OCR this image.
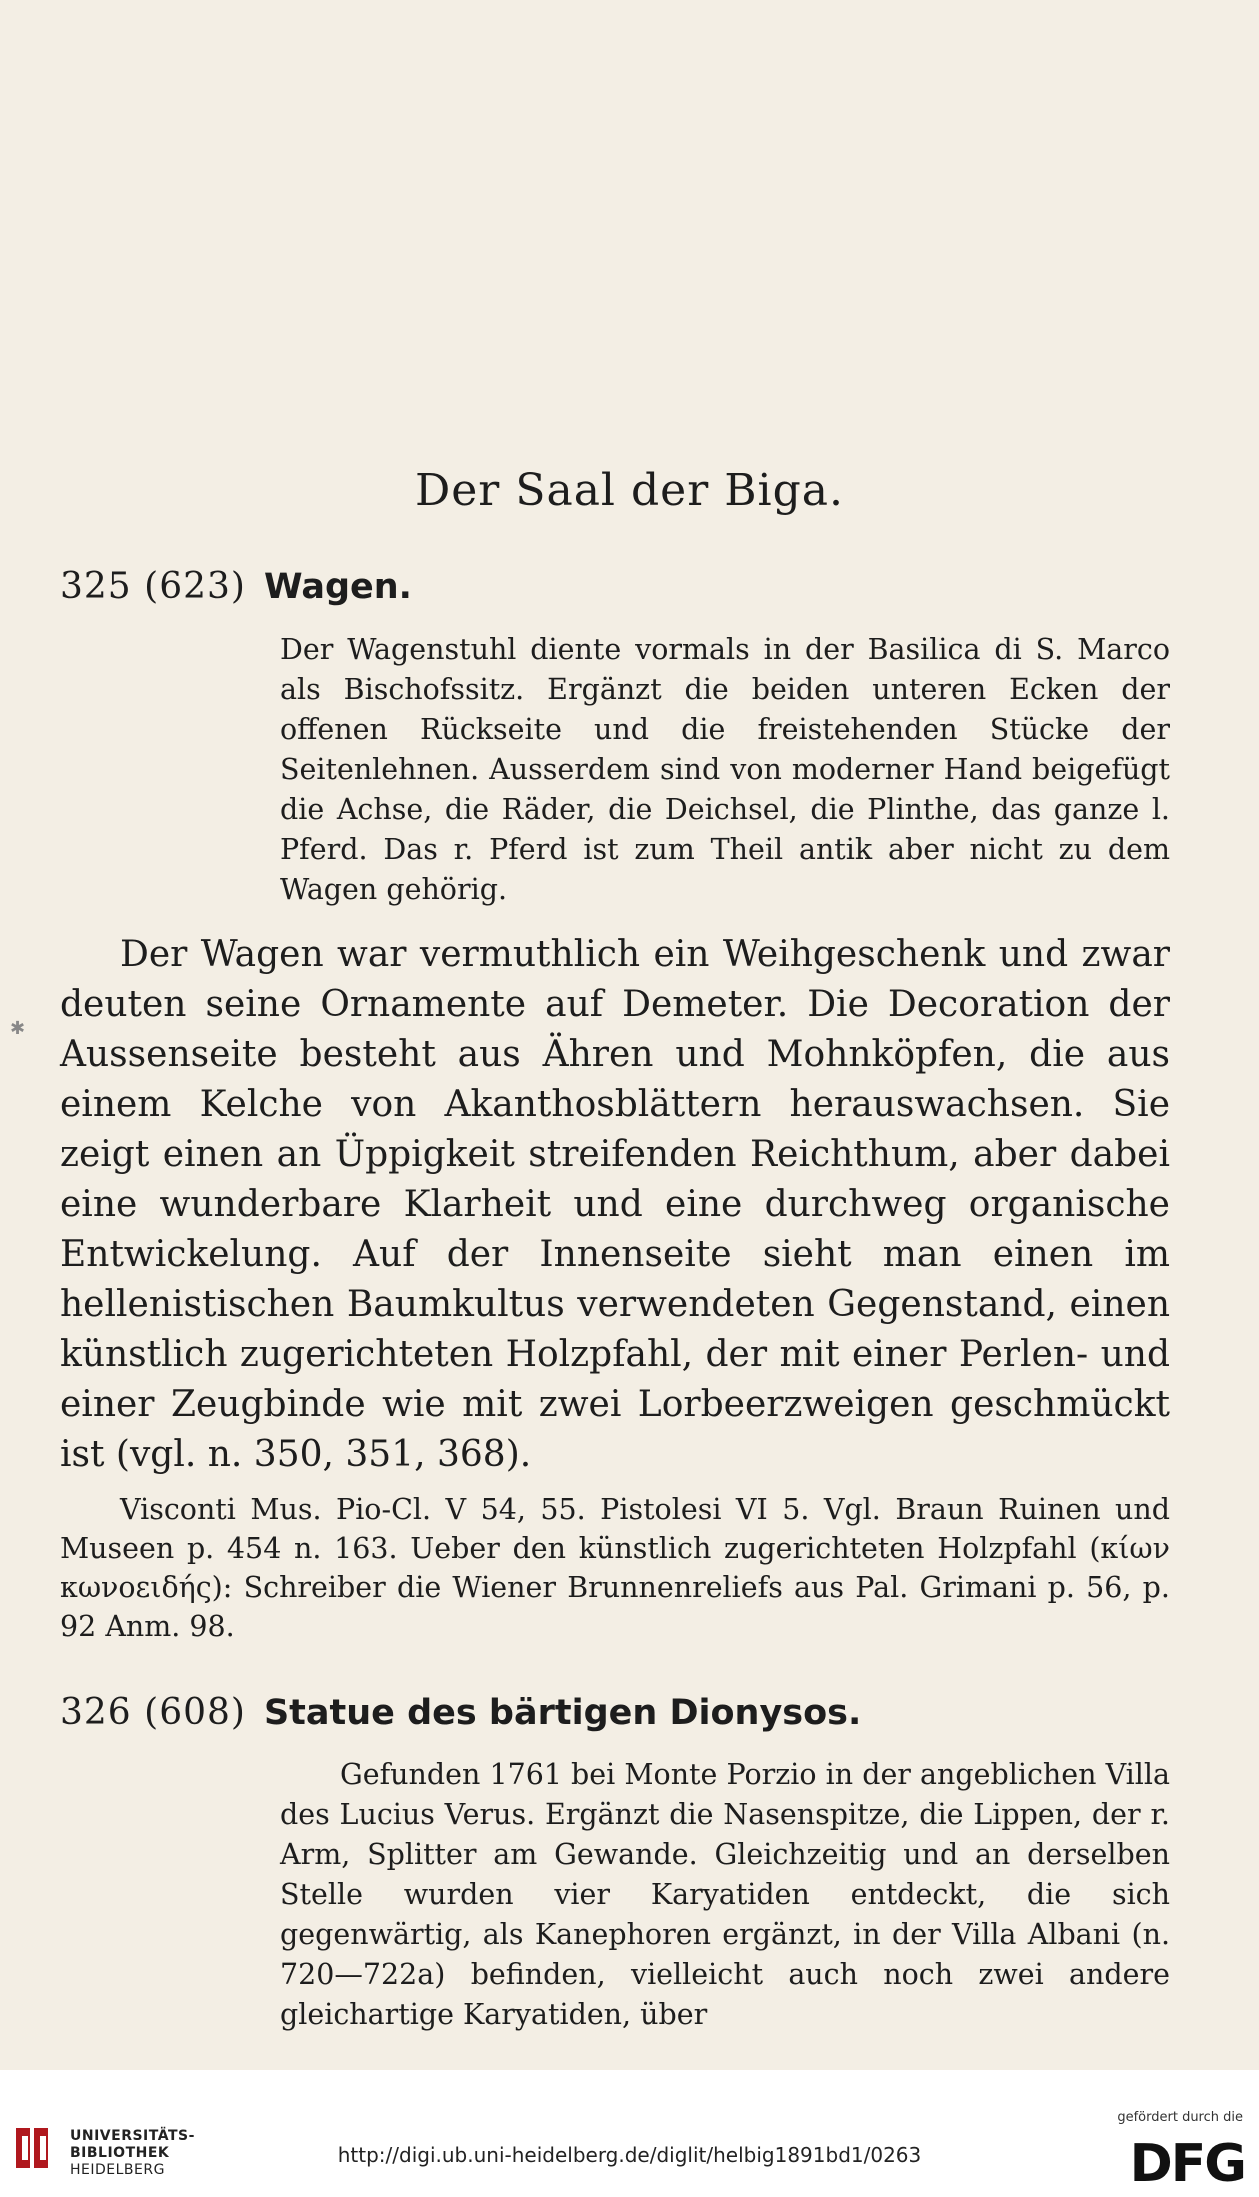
Der Saal der Biga.
325 (623) Wagen.
Der Wagenstuhl diente vormals in der Basilica di S. Marco als Bischofssitz. Ergänzt die beiden unteren Ecken der offenen Rückseite und die freistehenden Stücke der Seitenlehnen. Ausserdem sind von moderner Hand beigefügt die Achse, die Räder, die Deichsel, die Plinthe, das ganze l. Pferd. Das r. Pferd ist zum Theil antik aber nicht zu dem Wagen gehörig.
Der Wagen war vermuthlich ein Weihgeschenk und zwar deuten seine Ornamente auf Demeter. Die Decoration der Aussenseite besteht aus Ähren und Mohnköpfen, die aus einem Kelche von Akanthosblättern herauswachsen. Sie zeigt einen an Üppigkeit streifenden Reichthum, aber dabei eine wunderbare Klarheit und eine durchweg organische Entwickelung. Auf der Innenseite sieht man einen im hellenistischen Baumkultus verwendeten Gegenstand, einen künstlich zugerichteten Holzpfahl, der mit einer Perlen- und einer Zeugbinde wie mit zwei Lorbeerzweigen geschmückt ist (vgl. n. 350, 351, 368).
Visconti Mus. Pio-Cl. V 54, 55. Pistolesi VI 5. Vgl. Braun Ruinen und Museen p. 454 n. 163. Ueber den künstlich zugerichteten Holzpfahl (κίων κωνοειδής): Schreiber die Wiener Brunnenreliefs aus Pal. Grimani p. 56, p. 92 Anm. 98.
326 (608) Statue des bärtigen Dionysos.
Gefunden 1761 bei Monte Porzio in der angeblichen Villa des Lucius Verus. Ergänzt die Nasenspitze, die Lippen, der r. Arm, Splitter am Gewande. Gleichzeitig und an derselben Stelle wurden vier Karyatiden entdeckt, die sich gegenwärtig, als Kanephoren ergänzt, in der Villa Albani (n. 720—722a) befinden, vielleicht auch noch zwei andere gleichartige Karyatiden, über
✱
UNIVERSITÄTS-
BIBLIOTHEK
HEIDELBERG
http://digi.ub.uni-heidelberg.de/diglit/helbig1891bd1/0263
gefördert durch die
DFG
